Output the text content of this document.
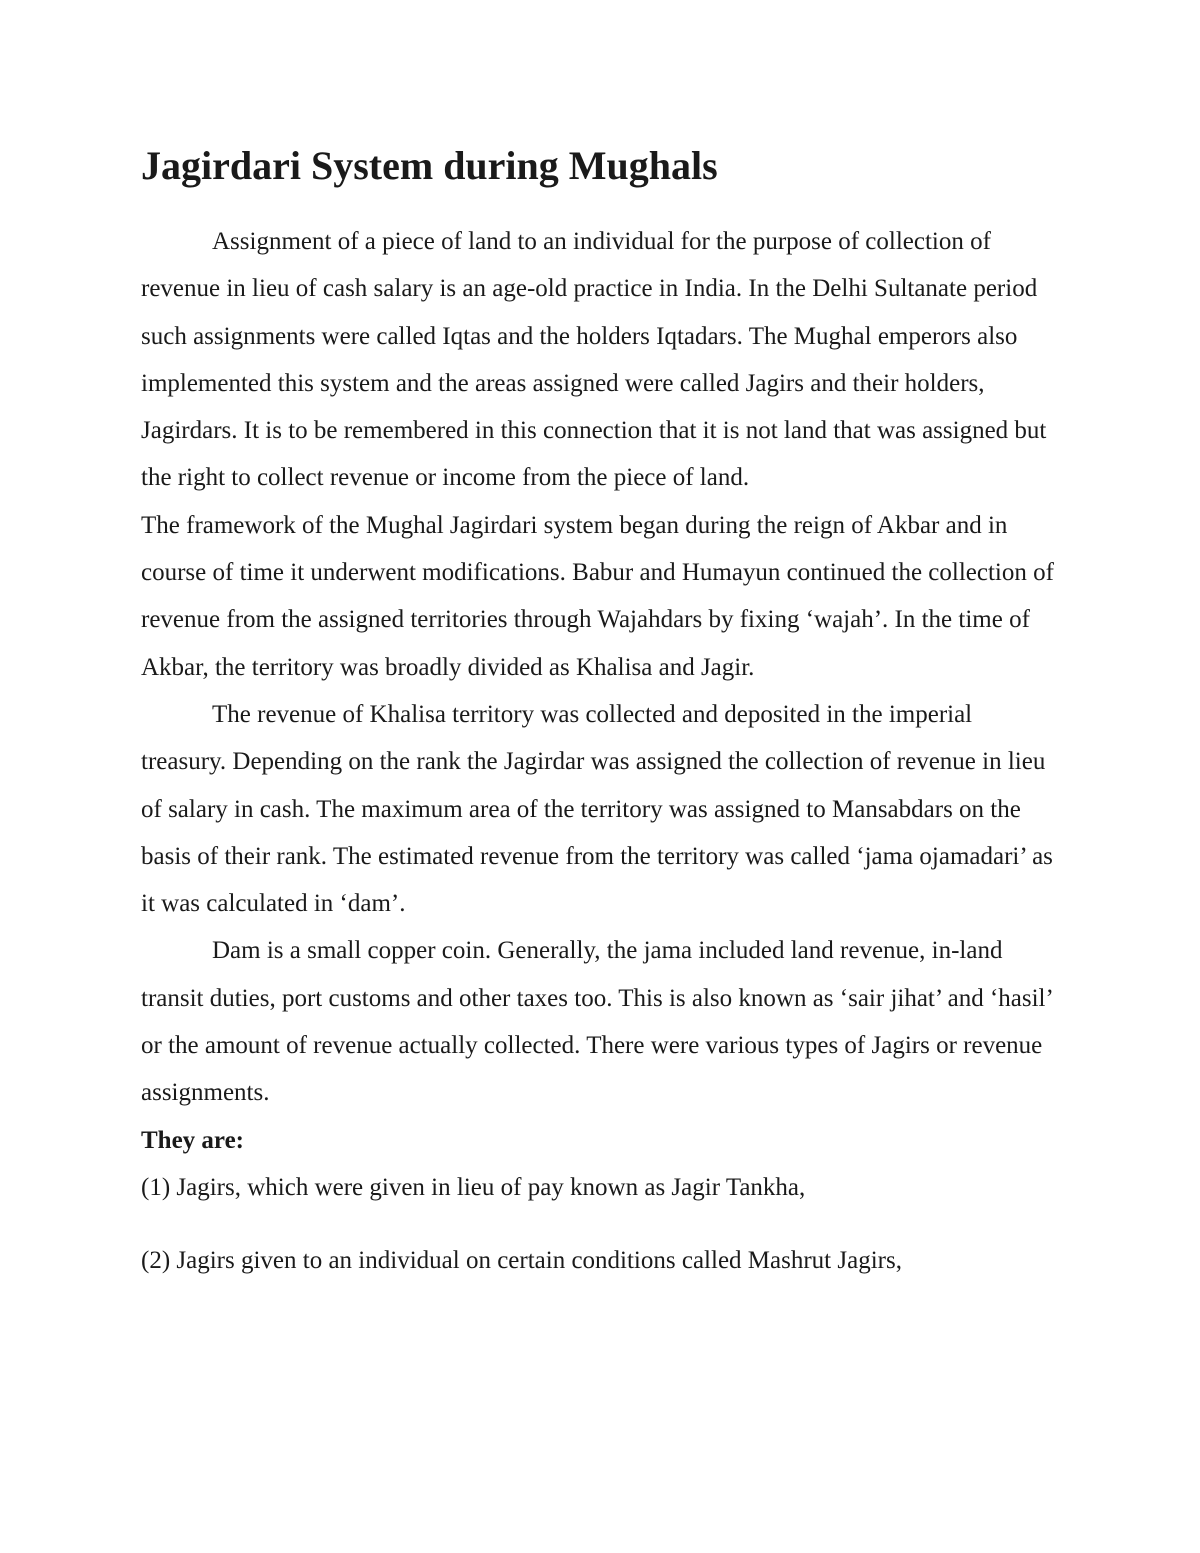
Jagirdari System during Mughals

Assignment of a piece of land to an individual for the purpose of collection of revenue in lieu of cash salary is an age-old practice in India. In the Delhi Sultanate period such assignments were called Iqtas and the holders Iqtadars. The Mughal emperors also implemented this system and the areas assigned were called Jagirs and their holders, Jagirdars. It is to be remembered in this connection that it is not land that was assigned but the right to collect revenue or income from the piece of land.

The framework of the Mughal Jagirdari system began during the reign of Akbar and in course of time it underwent modifications. Babur and Humayun continued the collection of revenue from the assigned territories through Wajahdars by fixing ‘wajah’. In the time of Akbar, the territory was broadly divided as Khalisa and Jagir.

The revenue of Khalisa territory was collected and deposited in the imperial treasury. Depending on the rank the Jagirdar was assigned the collection of revenue in lieu of salary in cash. The maximum area of the territory was assigned to Mansabdars on the basis of their rank. The estimated revenue from the territory was called ‘jama ojamadari’ as it was calculated in ‘dam’.

Dam is a small copper coin. Generally, the jama included land revenue, in-land transit duties, port customs and other taxes too. This is also known as ‘sair jihat’ and ‘hasil’ or the amount of revenue actually collected. There were various types of Jagirs or revenue assignments.

They are:

(1) Jagirs, which were given in lieu of pay known as Jagir Tankha,

(2) Jagirs given to an individual on certain conditions called Mashrut Jagirs,
